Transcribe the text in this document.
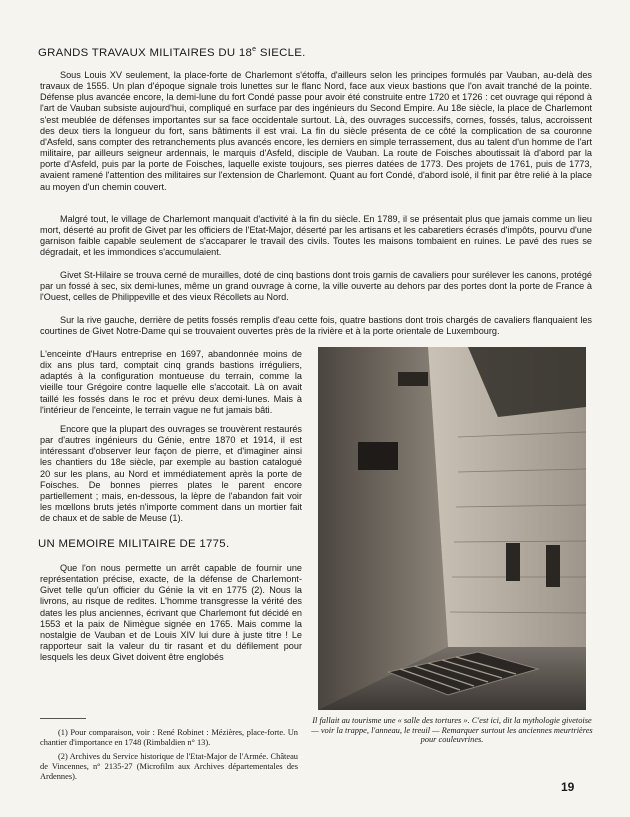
GRANDS TRAVAUX MILITAIRES DU 18e SIECLE.

Sous Louis XV seulement, la place-forte de Charlemont s'étoffa, d'ailleurs selon les principes formulés par Vauban, au-delà des travaux de 1555. Un plan d'époque signale trois lunettes sur le flanc Nord, face aux vieux bastions que l'on avait tranché de la pointe. Défense plus avancée encore, la demi-lune du fort Condé passe pour avoir été construite entre 1720 et 1726 : cet ouvrage qui répond à l'art de Vauban subsiste aujourd'hui, compliqué en surface par des ingénieurs du Second Empire. Au 18e siècle, la place de Charlemont s'est meublée de défenses importantes sur sa face occidentale surtout. Là, des ouvrages successifs, cornes, fossés, talus, accroissent des deux tiers la longueur du fort, sans bâtiments il est vrai. La fin du siècle présenta de ce côté la complication de sa couronne d'Asfeld, sans compter des retranchements plus avancés encore, les derniers en simple terrassement, dus au talent d'un homme de l'art militaire, par ailleurs seigneur ardennais, le marquis d'Asfeld, disciple de Vauban. La route de Foisches aboutissait là d'abord par la porte d'Asfeld, puis par la porte de Foisches, laquelle existe toujours, ses pierres datées de 1773. Des projets de 1761, puis de 1773, avaient ramené l'attention des militaires sur l'extension de Charlemont. Quant au fort Condé, d'abord isolé, il finit par être relié à la place au moyen d'un chemin couvert.

Malgré tout, le village de Charlemont manquait d'activité à la fin du siècle. En 1789, il se présentait plus que jamais comme un lieu mort, déserté au profit de Givet par les officiers de l'Etat-Major, déserté par les artisans et les cabaretiers écrasés d'impôts, pourvu d'une garnison faible capable seulement de s'accaparer le travail des civils. Toutes les maisons tombaient en ruines. Le pavé des rues se dégradait, et les immondices s'accumulaient.

Givet St-Hilaire se trouva cerné de murailles, doté de cinq bastions dont trois garnis de cavaliers pour surélever les canons, protégé par un fossé à sec, six demi-lunes, même un grand ouvrage à corne, la ville ouverte au dehors par des portes dont la porte de France à l'Ouest, celles de Philippeville et des vieux Récollets au Nord.

Sur la rive gauche, derrière de petits fossés remplis d'eau cette fois, quatre bastions dont trois chargés de cavaliers flanquaient les courtines de Givet Notre-Dame qui se trouvaient ouvertes près de la rivière et à la porte orientale de Luxembourg.

L'enceinte d'Haurs entreprise en 1697, abandonnée moins de dix ans plus tard, comptait cinq grands bastions irréguliers, adaptés à la configuration montueuse du terrain, comme la vieille tour Grégoire contre laquelle elle s'accotait. Là on avait taillé les fossés dans le roc et prévu deux demi-lunes. Mais à l'intérieur de l'enceinte, le terrain vague ne fut jamais bâti.

Encore que la plupart des ouvrages se trouvèrent restaurés par d'autres ingénieurs du Génie, entre 1870 et 1914, il est intéressant d'observer leur façon de pierre, et d'imaginer ainsi les chantiers du 18e siècle, par exemple au bastion catalogué 20 sur les plans, au Nord et immédiatement après la porte de Foisches. De bonnes pierres plates le parent encore partiellement ; mais, en-dessous, la lèpre de l'abandon fait voir les mœllons bruts jetés n'importe comment dans un mortier fait de chaux et de sable de Meuse (1).

UN MEMOIRE MILITAIRE DE 1775.

Que l'on nous permette un arrêt capable de fournir une représentation précise, exacte, de la défense de Charlemont-Givet telle qu'un officier du Génie la vit en 1775 (2). Nous la livrons, au risque de redites. L'homme transgresse la vérité des dates les plus anciennes, écrivant que Charlemont fut décidé en 1553 et la paix de Nimègue signée en 1765. Mais comme la nostalgie de Vauban et de Louis XIV lui dure à juste titre ! Le rapporteur sait la valeur du tir rasant et du défilement pour lesquels les deux Givet doivent être englobés

Il fallait au tourisme une « salle des tortures ». C'est ici, dit la mythologie givetoise — voir la trappe, l'anneau, le treuil — Remarquer surtout les anciennes meurtrières pour couleuvrines.

(1) Pour comparaison, voir : René Robinet : Mézières, place-forte. Un chantier d'importance en 1748 (Rimbaldien n° 13).

(2) Archives du Service historique de l'Etat-Major de l'Armée. Château de Vincennes, n° 2135-27 (Microfilm aux Archives départementales des Ardennes).

19
